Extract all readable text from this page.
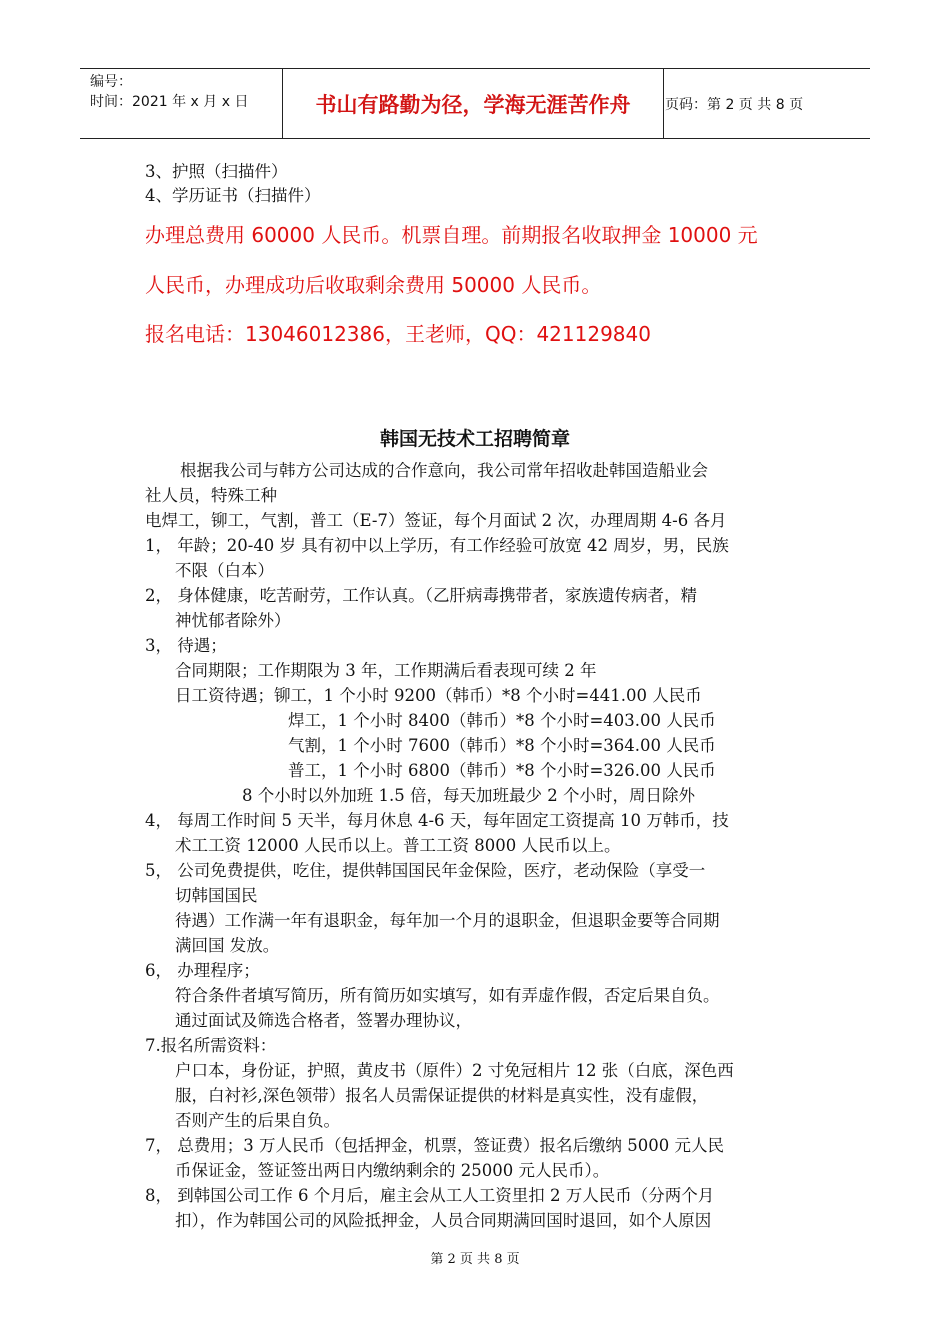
编号：
时间：2021 年 x 月 x 日	书山有路勤为径，学海无涯苦作舟	页码：第 2 页 共 8 页
3、护照（扫描件）
4、学历证书（扫描件）
办理总费用 60000 人民币。机票自理。前期报名收取押金 10000 元
人民币，办理成功后收取剩余费用 50000 人民币。
报名电话：13046012386，王老师，QQ：421129840
韩国无技术工招聘简章
根据我公司与韩方公司达成的合作意向，我公司常年招收赴韩国造船业会
社人员，特殊工种
电焊工，铆工，气割，普工（E-7）签证，每个月面试 2 次，办理周期 4-6 各月
1， 年龄；20-40 岁 具有初中以上学历，有工作经验可放宽 42 周岁，男，民族
不限（白本）
2， 身体健康，吃苦耐劳，工作认真。（乙肝病毒携带者，家族遗传病者，精
神忧郁者除外）
3， 待遇；
合同期限；工作期限为 3 年，工作期满后看表现可续 2 年
日工资待遇；铆工，1 个小时 9200（韩币）*8 个小时=441.00 人民币
焊工，1 个小时 8400（韩币）*8 个小时=403.00 人民币
气割，1 个小时 7600（韩币）*8 个小时=364.00 人民币
普工，1 个小时 6800（韩币）*8 个小时=326.00 人民币
8 个小时以外加班 1.5 倍，每天加班最少 2 个小时，周日除外
4， 每周工作时间 5 天半，每月休息 4-6 天，每年固定工资提高 10 万韩币，技
术工工资 12000 人民币以上。普工工资 8000 人民币以上。
5， 公司免费提供，吃住，提供韩国国民年金保险，医疗，老动保险（享受一
切韩国国民
待遇）工作满一年有退职金，每年加一个月的退职金，但退职金要等合同期
满回国 发放。
6， 办理程序；
符合条件者填写简历，所有简历如实填写，如有弄虚作假，否定后果自负。
通过面试及筛选合格者，签署办理协议，
7.报名所需资料：
户口本，身份证，护照，黄皮书（原件）2 寸免冠相片 12 张（白底，深色西
服，白衬衫,深色领带）报名人员需保证提供的材料是真实性，没有虚假，
否则产生的后果自负。
7， 总费用；3 万人民币（包括押金，机票，签证费）报名后缴纳 5000 元人民
币保证金，签证签出两日内缴纳剩余的 25000 元人民币）。
8， 到韩国公司工作 6 个月后，雇主会从工人工资里扣 2 万人民币（分两个月
扣），作为韩国公司的风险抵押金，人员合同期满回国时退回，如个人原因
第 2 页 共 8 页
